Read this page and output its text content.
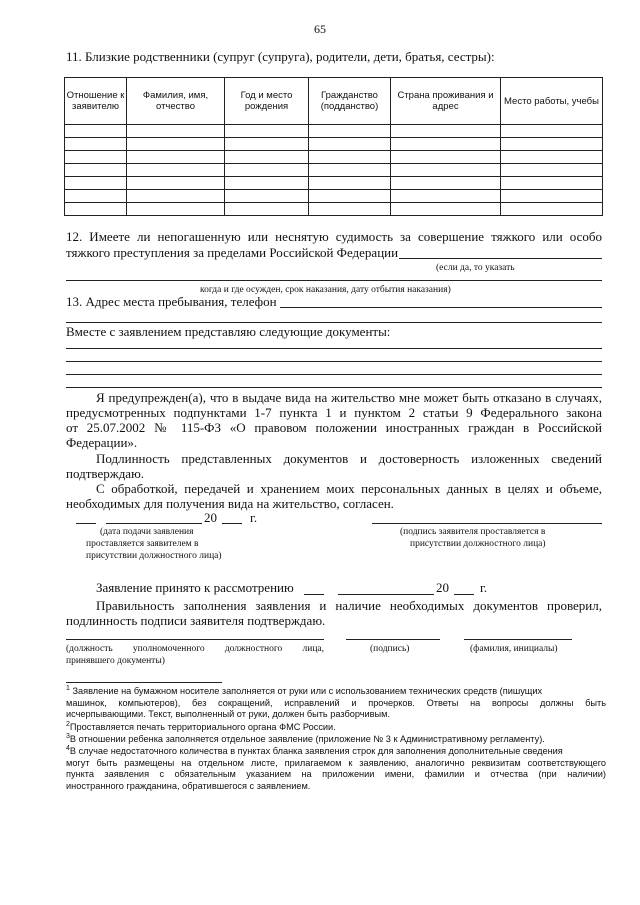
65
11. Близкие родственники (супруг (супруга), родители, дети, братья, сестры):
Отношение к заявителю	Фамилия, имя, отчество	Год и место рождения	Гражданство (подданство)	Страна проживания и адрес	Место работы, учебы

12. Имеете ли непогашенную или неснятую судимость за совершение тяжкого или особо
тяжкого преступления за пределами Российской Федерации
(если да, то указать
когда и где осужден, срок наказания, дату отбытия наказания)
13. Адрес места пребывания, телефон
Вместе с заявлением представляю следующие документы:
Я предупрежден(а), что в выдаче вида на жительство мне может быть отказано в случаях,
предусмотренных подпунктами 1-7 пункта 1 и пунктом 2 статьи 9 Федерального закона
от 25.07.2002 № 115-ФЗ «О правовом положении иностранных граждан в Российской
Федерации».
Подлинность представленных документов и достоверность изложенных сведений
подтверждаю.
С обработкой, передачей и хранением моих персональных данных в целях и объеме,
необходимых для получения вида на жительство, согласен.
20	г.
(дата подачи заявления
проставляется заявителем в
присутствии должностного лица)
(подпись заявителя проставляется в
присутствии должностного лица)
Заявление принято к рассмотрению	20 г.
Правильность заполнения заявления и наличие необходимых документов проверил,
подлинность подписи заявителя подтверждаю.
(должность уполномоченного должностного лица,
принявшего документы)
(подпись)	(фамилия, инициалы)
$^1$ Заявление на бумажном носителе заполняется от руки или с использованием технических средств (пишущих
машинок, компьютеров), без сокращений, исправлений и прочерков. Ответы на вопросы должны быть
исчерпывающими. Текст, выполненный от руки, должен быть разборчивым.
$^2$Проставляется печать территориального органа ФМС России.
$^3$В отношении ребенка заполняется отдельное заявление (приложение № 3 к Административному регламенту).
$^4$В случае недостаточного количества в пунктах бланка заявления строк для заполнения дополнительные сведения
могут быть размещены на отдельном листе, прилагаемом к заявлению, аналогично реквизитам соответствующего
пункта заявления с обязательным указанием на приложении имени, фамилии и отчества (при наличии)
иностранного гражданина, обратившегося с заявлением.
